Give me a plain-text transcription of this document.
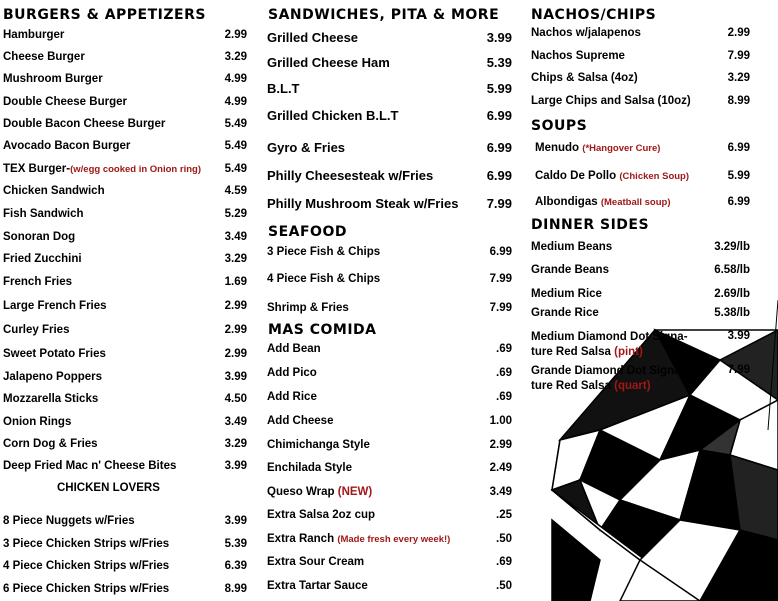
BURGERS & APPETIZERS
Hamburger	2.99
Cheese Burger	3.29
Mushroom Burger	4.99
Double Cheese Burger	4.99
Double Bacon Cheese Burger	5.49
Avocado Bacon Burger	5.49
TEX Burger-(w/egg cooked in Onion ring)	5.49
Chicken Sandwich	4.59
Fish Sandwich	5.29
Sonoran Dog	3.49
Fried Zucchini	3.29
French Fries	1.69
Large French Fries	2.99
Curley Fries	2.99
Sweet Potato Fries	2.99
Jalapeno Poppers	3.99
Mozzarella Sticks	4.50
Onion Rings	3.49
Corn Dog & Fries	3.29
Deep Fried Mac n' Cheese Bites	3.99
CHICKEN LOVERS
8 Piece Nuggets w/Fries	3.99
3 Piece Chicken Strips w/Fries	5.39
4 Piece Chicken Strips w/Fries	6.39
6 Piece Chicken Strips w/Fries	8.99
SANDWICHES, PITA & MORE
Grilled Cheese	3.99
Grilled Cheese Ham	5.39
B.L.T	5.99
Grilled Chicken B.L.T	6.99
Gyro & Fries	6.99
Philly Cheesesteak w/Fries	6.99
Philly Mushroom Steak w/Fries	7.99
SEAFOOD
3 Piece Fish & Chips	6.99
4 Piece Fish & Chips	7.99
Shrimp & Fries	7.99
MAS COMIDA
Add Bean	.69
Add Pico	.69
Add Rice	.69
Add Cheese	1.00
Chimichanga Style	2.99
Enchilada Style	2.49
Queso Wrap (NEW)	3.49
Extra Salsa 2oz cup	.25
Extra Ranch (Made fresh every week!)	.50
Extra Sour Cream	.69
Extra Tartar Sauce	.50
NACHOS/CHIPS
Nachos w/jalapenos	2.99
Nachos Supreme	7.99
Chips & Salsa (4oz)	3.29
Large Chips and Salsa (10oz)	8.99
SOUPS
Menudo (*Hangover Cure)	6.99
Caldo De Pollo (Chicken Soup)	5.99
Albondigas (Meatball soup)	6.99
DINNER SIDES
Medium Beans	3.29/lb
Grande Beans	6.58/lb
Medium Rice	2.69/lb
Grande Rice	5.38/lb
Medium Diamond Dot Signa-
ture Red Salsa (pint)
3.99
Grande Diamond Dot Signa-
ture Red Salsa (quart)
7.99
